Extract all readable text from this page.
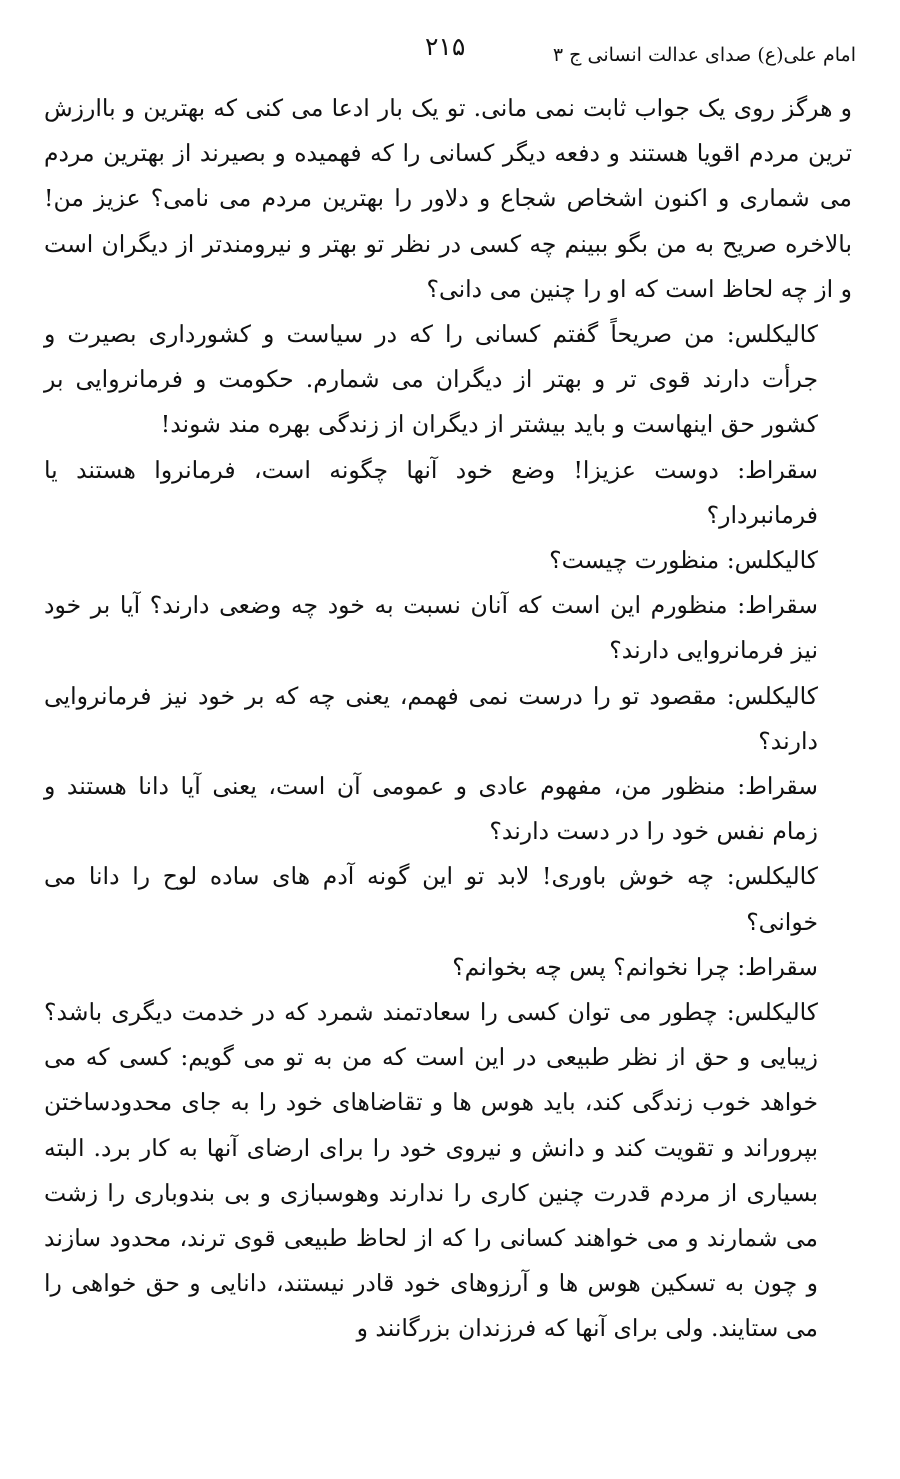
امام علی(ع) صدای عدالت انسانی ج ۳
۲۱۵

و هرگز روی یک جواب ثابت نمی مانی. تو یک بار ادعا می کنی که بهترین و باارزش ترین مردم اقویا هستند و دفعه دیگر کسانی را که فهمیده و بصیرند از بهترین مردم می شماری و اکنون اشخاص شجاع و دلاور را بهترین مردم می نامی؟ عزیز من! بالاخره صریح به من بگو ببینم چه کسی در نظر تو بهتر و نیرومندتر از دیگران است و از چه لحاظ است که او را چنین می دانی؟

کالیکلس: من صریحاً گفتم کسانی را که در سیاست و کشورداری بصیرت و جرأت دارند قوی تر و بهتر از دیگران می شمارم. حکومت و فرمانروایی بر کشور حق اینهاست و باید بیشتر از دیگران از زندگی بهره مند شوند!

سقراط: دوست عزیزا! وضع خود آنها چگونه است، فرمانروا هستند یا فرمانبردار؟

کالیکلس: منظورت چیست؟

سقراط: منظورم این است که آنان نسبت به خود چه وضعی دارند؟ آیا بر خود نیز فرمانروایی دارند؟

کالیکلس: مقصود تو را درست نمی فهمم، یعنی چه که بر خود نیز فرمانروایی دارند؟

سقراط: منظور من، مفهوم عادی و عمومی آن است، یعنی آیا دانا هستند و زمام نفس خود را در دست دارند؟

کالیکلس: چه خوش باوری! لابد تو این گونه آدم های ساده لوح را دانا می خوانی؟

سقراط: چرا نخوانم؟ پس چه بخوانم؟

کالیکلس: چطور می توان کسی را سعادتمند شمرد که در خدمت دیگری باشد؟ زیبایی و حق از نظر طبیعی در این است که من به تو می گویم: کسی که می خواهد خوب زندگی کند، باید هوس ها و تقاضاهای خود را به جای محدودساختن بپروراند و تقویت کند و دانش و نیروی خود را برای ارضای آنها به کار برد. البته بسیاری از مردم قدرت چنین کاری را ندارند وهوسبازی و بی بندوباری را زشت می شمارند و می خواهند کسانی را که از لحاظ طبیعی قوی ترند، محدود سازند و چون به تسکین هوس ها و آرزوهای خود قادر نیستند، دانایی و حق خواهی را می ستایند. ولی برای آنها که فرزندان بزرگانند و
